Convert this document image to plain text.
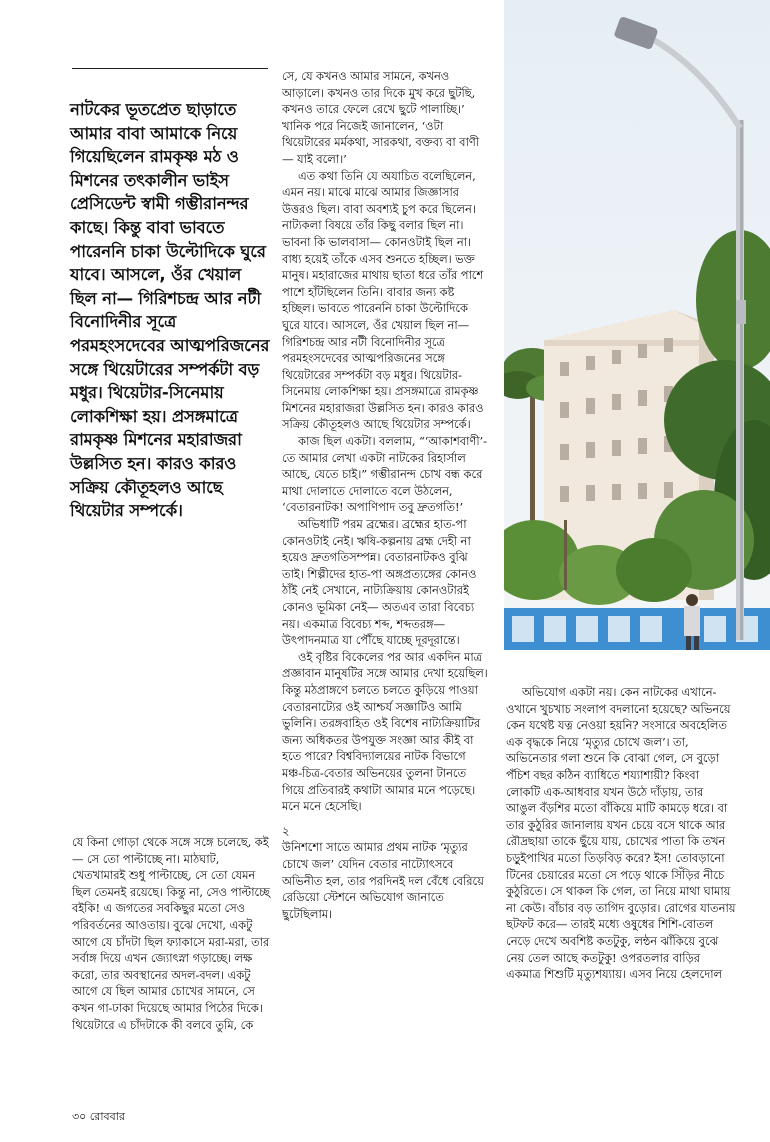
নাটকের ভূতপ্রেত ছাড়াতে আমার বাবা আমাকে নিয়ে গিয়েছিলেন রামকৃষ্ণ মঠ ও মিশনের তৎকালীন ভাইস প্রেসিডেন্ট স্বামী গম্ভীরানন্দর কাছে। কিন্তু বাবা ভাবতে পারেননি চাকা উল্টোদিকে ঘুরে যাবে। আসলে, ওঁর খেয়াল ছিল না— গিরিশচন্দ্র আর নটী বিনোদিনীর সূত্রে পরমহংসদেবের আত্মপরিজনের সঙ্গে থিয়েটারের সম্পর্কটা বড় মধুর। থিয়েটার-সিনেমায় লোকশিক্ষা হয়। প্রসঙ্গমাত্রে রামকৃষ্ণ মিশনের মহারাজরা উল্লসিত হন। কারও কারও সক্রিয় কৌতূহলও আছে থিয়েটার সম্পর্কে।

সে, যে কখনও আমার সামনে, কখনও আড়ালে। কখনও তার দিকে মুখ করে ছুটছি, কখনও তারে ফেলে রেখে ছুটে পালাচ্ছি।’ খানিক পরে নিজেই জানালেন, ‘ওটা থিয়েটারের মর্মকথা, সারকথা, বক্তব্য বা বাণী— যাই বলো।’

এত কথা তিনি যে অযাচিত বলেছিলেন, এমন নয়। মাঝে মাঝে আমার জিজ্ঞাসার উত্তরও ছিল। বাবা অবশ্যই চুপ করে ছিলেন। নাট্যকলা বিষয়ে তাঁর কিছু বলার ছিল না। ভাবনা কি ভালবাসা— কোনওটাই ছিল না। বাধ্য হয়েই তাঁকে এসব শুনতে হচ্ছিল। ভক্ত মানুষ। মহারাজের মাথায় ছাতা ধরে তাঁর পাশে পাশে হাঁটছিলেন তিনি। বাবার জন্য কষ্ট হচ্ছিল। ভাবতে পারেননি চাকা উল্টোদিকে ঘুরে যাবে। আসলে, ওঁর খেয়াল ছিল না— গিরিশচন্দ্র আর নটী বিনোদিনীর সূত্রে পরমহংসদেবের আত্মপরিজনের সঙ্গে থিয়েটারের সম্পর্কটা বড় মধুর। থিয়েটার-সিনেমায় লোকশিক্ষা হয়। প্রসঙ্গমাত্রে রামকৃষ্ণ মিশনের মহারাজরা উল্লসিত হন। কারও কারও সক্রিয় কৌতূহলও আছে থিয়েটার সম্পর্কে।

কাজ ছিল একটা। বললাম, “‘আকাশবাণী’-তে আমার লেখা একটা নাটকের রিহার্সাল আছে, যেতে চাই।” গম্ভীরানন্দ চোখ বন্ধ করে মাথা দোলাতে দোলাতে বলে উঠলেন, ‘বেতারনাটক! অপাণিপাদ তবু দ্রুতগতি!’

অভিধাটি পরম ব্রহ্মের। ব্রহ্মের হাত-পা কোনওটাই নেই। ঋষি-কল্পনায় ব্রহ্ম দেহী না হয়েও দ্রুতগতিসম্পন্ন। বেতারনাটকও বুঝি তাই। শিল্পীদের হাত-পা অঙ্গপ্রত্যঙ্গের কোনও ঠাঁই নেই সেখানে, নাট্যক্রিয়ায় কোনওটারই কোনও ভূমিকা নেই— অতএব তারা বিবেচ্য নয়। একমাত্র বিবেচ্য শব্দ, শব্দতরঙ্গ— উৎপাদনমাত্র যা পৌঁছে যাচ্ছে দূরদূরান্তে।

ওই বৃষ্টির বিকেলের পর আর একদিন মাত্র প্রজ্ঞাবান মানুষটির সঙ্গে আমার দেখা হয়েছিল। কিন্তু মঠপ্রাঙ্গণে চলতে চলতে কুড়িয়ে পাওয়া বেতারনাট্যের ওই আশ্চর্য সজ্ঞাটিও আমি ভুলিনি। তরঙ্গবাহিত ওই বিশেষ নাট্যক্রিয়াটির জন্য অধিকতর উপযুক্ত সংজ্ঞা আর কীই বা হতে পারে? বিশ্ববিদ্যালয়ের নাটক বিভাগে মঞ্চ-চিত্র-বেতার অভিনয়ের তুলনা টানতে গিয়ে প্রতিবারই কথাটা আমার মনে পড়েছে। মনে মনে হেসেছি।

২

উনিশশো সাতে আমার প্রথম নাটক ‘মৃত্যুর চোখে জল’ যেদিন বেতার নাট্যোৎসবে অভিনীত হল, তার পরদিনই দল বেঁধে বেরিয়ে রেডিয়ো স্টেশনে অভিযোগ জানাতে ছুটেছিলাম।

যে কিনা গোড়া থেকে সঙ্গে সঙ্গে চলেছে, কই— সে তো পাল্টাচ্ছে না। মাঠঘাট, খেতখামারই শুধু পাল্টাচ্ছে, সে তো যেমন ছিল তেমনই রয়েছে। কিন্তু না, সেও পাল্টাচ্ছে বইকি! এ জগতের সবকিছুর মতো সেও পরিবর্তনের আওতায়। বুঝে দেখো, একটু আগে যে চাঁদটা ছিল ফ্যাকাসে মরা-মরা, তার সর্বাঙ্গ দিয়ে এখন জ্যোৎস্না গড়াচ্ছে। লক্ষ করো, তার অবস্থানের অদল-বদল। একটু আগে যে ছিল আমার চোখের সামনে, সে কখন গা-ঢাকা দিয়েছে আমার পিঠের দিকে। থিয়েটারে এ চাঁদটাকে কী বলবে তুমি, কে

অভিযোগ একটা নয়। কেন নাটকের এখানে-ওখানে খুচখাচ সংলাপ বদলানো হয়েছে? অভিনয়ে কেন যথেষ্ট যত্ন নেওয়া হয়নি? সংসারে অবহেলিত এক বৃদ্ধকে নিয়ে ‘মৃত্যুর চোখে জল’। তা, অভিনেতার গলা শুনে কি বোঝা গেল, সে বুড়ো পঁচিশ বছর কঠিন ব্যাধিতে শয্যাশায়ী? কিংবা লোকটি এক-আধবার যখন উঠে দাঁড়ায়, তার আঙুল বঁড়শির মতো বাঁকিয়ে মাটি কামড়ে ধরে। বা তার কুঠুরির জানালায় যখন চেয়ে বসে থাকে আর রৌদ্রছায়া তাকে ছুঁয়ে যায়, চোখের পাতা কি তখন চড়ুইপাখির মতো তিড়বিড় করে? ইস! তোবড়ানো টিনের চেয়ারের মতো সে পড়ে থাকে সিঁড়ির নীচে কুঠুরিতে। সে থাকল কি গেল, তা নিয়ে মাথা ঘামায় না কেউ। বাঁচার বড় তাগিদ বুড়োর। রোগের যাতনায় ছটফট করে— তারই মধ্যে ওষুধের শিশি-বোতল নেড়ে দেখে অবশিষ্ট কতটুকু, লন্ঠন ঝাঁকিয়ে বুঝে নেয় তেল আছে কতটুকু! ওপরতলার বাড়ির একমাত্র শিশুটি মৃত্যুশয্যায়। এসব নিয়ে হেলদোল

৩০ রোববার
